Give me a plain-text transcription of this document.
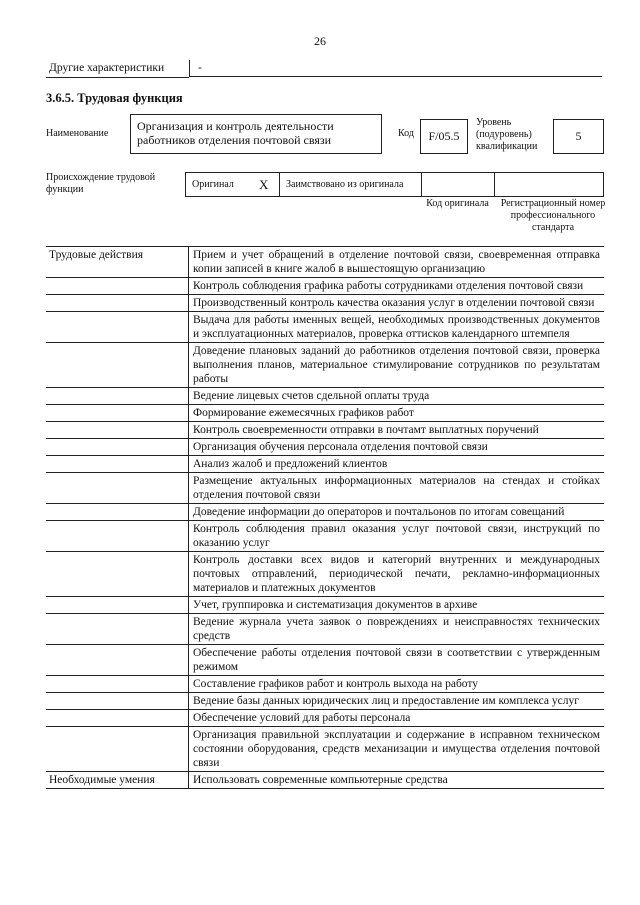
26
Другие характеристики	-
3.6.5. Трудовая функция
Наименование
Организация и контроль деятельности работников отделения почтовой связи	Код	F/05.5
Уровень (подуровень) квалификации
5
Происхождение трудовой функции	Оригинал	X	Заимствовано из оригинала
Код оригинала	Регистрационный номер профессионального стандарта
Трудовые действия	Прием и учет обращений в отделение почтовой связи, своевременная отправка копии записей в книге жалоб в вышестоящую организацию
Контроль соблюдения графика работы сотрудниками отделения почтовой связи
Производственный контроль качества оказания услуг в отделении почтовой связи
Выдача для работы именных вещей, необходимых производственных документов и эксплуатационных материалов, проверка оттисков календарного штемпеля
Доведение плановых заданий до работников отделения почтовой связи, проверка выполнения планов, материальное стимулирование сотрудников по результатам работы
Ведение лицевых счетов сдельной оплаты труда
Формирование ежемесячных графиков работ
Контроль своевременности отправки в почтамт выплатных поручений
Организация обучения персонала отделения почтовой связи
Анализ жалоб и предложений клиентов
Размещение актуальных информационных материалов на стендах и стойках отделения почтовой связи
Доведение информации до операторов и почтальонов по итогам совещаний
Контроль соблюдения правил оказания услуг почтовой связи, инструкций по оказанию услуг
Контроль доставки всех видов и категорий внутренних и международных почтовых отправлений, периодической печати, рекламно-информационных материалов и платежных документов
Учет, группировка и систематизация документов в архиве
Ведение журнала учета заявок о повреждениях и неисправностях технических средств
Обеспечение работы отделения почтовой связи в соответствии с утвержденным режимом
Составление графиков работ и контроль выхода на работу
Ведение базы данных юридических лиц и предоставление им комплекса услуг
Обеспечение условий для работы персонала
Организация правильной эксплуатации и содержание в исправном техническом состоянии оборудования, средств механизации и имущества отделения почтовой связи
Необходимые умения	Использовать современные компьютерные средства
